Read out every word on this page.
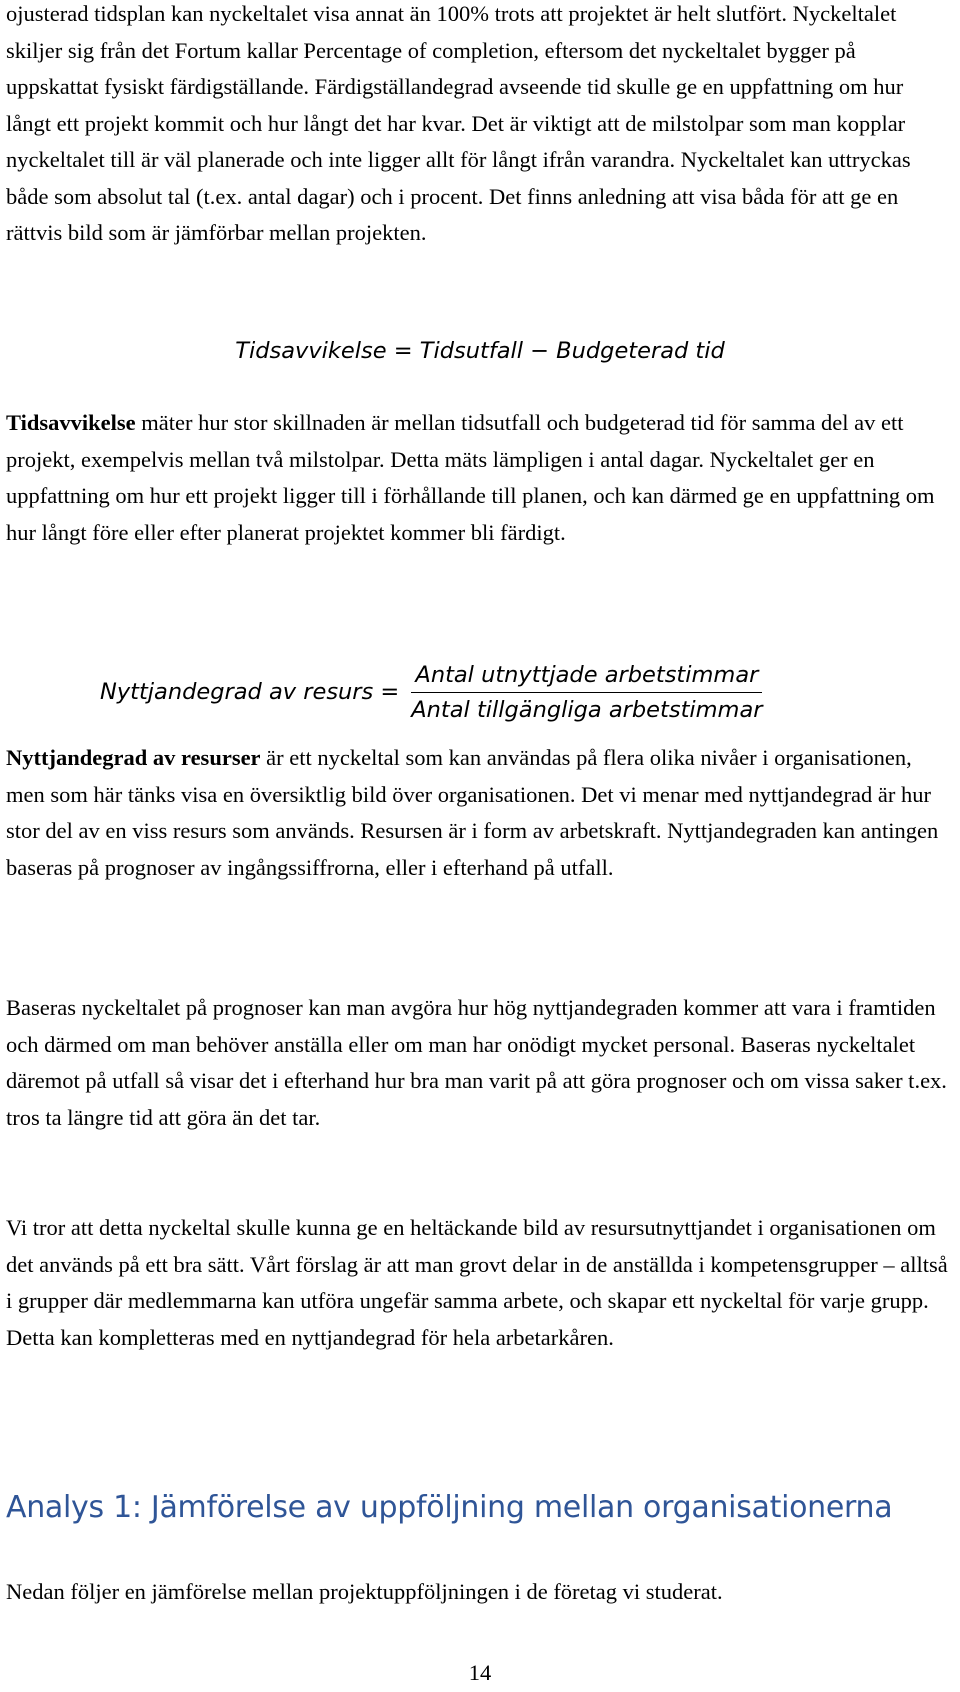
ojusterad tidsplan kan nyckeltalet visa annat än 100% trots att projektet är helt slutfört. Nyckeltalet skiljer sig från det Fortum kallar Percentage of completion, eftersom det nyckeltalet bygger på uppskattat fysiskt färdigställande. Färdigställandegrad avseende tid skulle ge en uppfattning om hur långt ett projekt kommit och hur långt det har kvar. Det är viktigt att de milstolpar som man kopplar nyckeltalet till är väl planerade och inte ligger allt för långt ifrån varandra. Nyckeltalet kan uttryckas både som absolut tal (t.ex. antal dagar) och i procent. Det finns anledning att visa båda för att ge en rättvis bild som är jämförbar mellan projekten.

Tidsavvikelse = Tidsutfall − Budgeterad tid

Tidsavvikelse mäter hur stor skillnaden är mellan tidsutfall och budgeterad tid för samma del av ett projekt, exempelvis mellan två milstolpar. Detta mäts lämpligen i antal dagar. Nyckeltalet ger en uppfattning om hur ett projekt ligger till i förhållande till planen, och kan därmed ge en uppfattning om hur långt före eller efter planerat projektet kommer bli färdigt.

Nyttjandegrad av resurs = $\frac{\text{Antal utnyttjade arbetstimmar}}{\text{Antal tillgängliga arbetstimmar}}$

Nyttjandegrad av resurser är ett nyckeltal som kan användas på flera olika nivåer i organisationen, men som här tänks visa en översiktlig bild över organisationen. Det vi menar med nyttjandegrad är hur stor del av en viss resurs som används. Resursen är i form av arbetskraft. Nyttjandegraden kan antingen baseras på prognoser av ingångssiffrorna, eller i efterhand på utfall.

Baseras nyckeltalet på prognoser kan man avgöra hur hög nyttjandegraden kommer att vara i framtiden och därmed om man behöver anställa eller om man har onödigt mycket personal. Baseras nyckeltalet däremot på utfall så visar det i efterhand hur bra man varit på att göra prognoser och om vissa saker t.ex. tros ta längre tid att göra än det tar.

Vi tror att detta nyckeltal skulle kunna ge en heltäckande bild av resursutnyttjandet i organisationen om det används på ett bra sätt. Vårt förslag är att man grovt delar in de anställda i kompetensgrupper – alltså i grupper där medlemmarna kan utföra ungefär samma arbete, och skapar ett nyckeltal för varje grupp. Detta kan kompletteras med en nyttjandegrad för hela arbetarkåren.

Analys 1: Jämförelse av uppföljning mellan organisationerna

Nedan följer en jämförelse mellan projektuppföljningen i de företag vi studerat.

14
